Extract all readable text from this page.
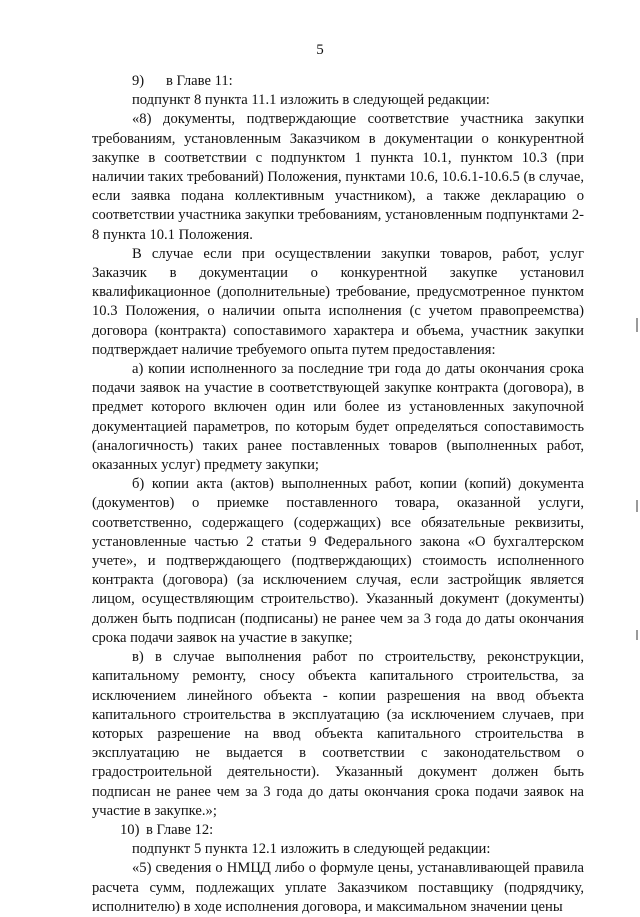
5

9) в Главе 11:

подпункт 8 пункта 11.1 изложить в следующей редакции:

«8) документы, подтверждающие соответствие участника закупки требованиям, установленным Заказчиком в документации о конкурентной закупке в соответствии с подпунктом 1 пункта 10.1, пунктом 10.3 (при наличии таких требований) Положения, пунктами 10.6, 10.6.1-10.6.5 (в случае, если заявка подана коллективным участником), а также декларацию о соответствии участника закупки требованиям, установленным подпунктами 2-8 пункта 10.1 Положения.

В случае если при осуществлении закупки товаров, работ, услуг Заказчик в документации о конкурентной закупке установил квалификационное (дополнительные) требование, предусмотренное пунктом 10.3 Положения, о наличии опыта исполнения (с учетом правопреемства) договора (контракта) сопоставимого характера и объема, участник закупки подтверждает наличие требуемого опыта путем предоставления:

а) копии исполненного за последние три года до даты окончания срока подачи заявок на участие в соответствующей закупке контракта (договора), в предмет которого включен один или более из установленных закупочной документацией параметров, по которым будет определяться сопоставимость (аналогичность) таких ранее поставленных товаров (выполненных работ, оказанных услуг) предмету закупки;

б) копии акта (актов) выполненных работ, копии (копий) документа (документов) о приемке поставленного товара, оказанной услуги, соответственно, содержащего (содержащих) все обязательные реквизиты, установленные частью 2 статьи 9 Федерального закона «О бухгалтерском учете», и подтверждающего (подтверждающих) стоимость исполненного контракта (договора) (за исключением случая, если застройщик является лицом, осуществляющим строительство). Указанный документ (документы) должен быть подписан (подписаны) не ранее чем за 3 года до даты окончания срока подачи заявок на участие в закупке;

в) в случае выполнения работ по строительству, реконструкции, капитальному ремонту, сносу объекта капитального строительства, за исключением линейного объекта - копии разрешения на ввод объекта капитального строительства в эксплуатацию (за исключением случаев, при которых разрешение на ввод объекта капитального строительства в эксплуатацию не выдается в соответствии с законодательством о градостроительной деятельности). Указанный документ должен быть подписан не ранее чем за 3 года до даты окончания срока подачи заявок на участие в закупке.»;

10) в Главе 12:

подпункт 5 пункта 12.1 изложить в следующей редакции:

«5) сведения о НМЦД либо о формуле цены, устанавливающей правила расчета сумм, подлежащих уплате Заказчиком поставщику (подрядчику, исполнителю) в ходе исполнения договора, и максимальном значении цены
